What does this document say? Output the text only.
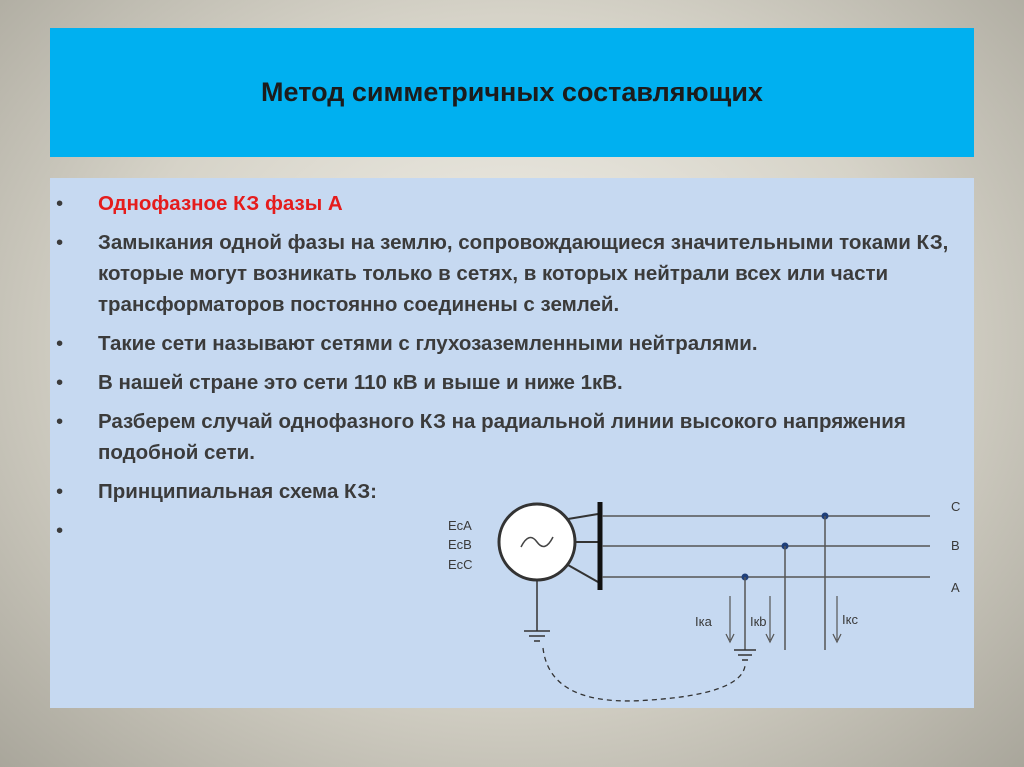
Метод симметричных составляющих
• Однофазное КЗ фазы А
• Замыкания одной фазы на землю, сопровождающиеся значительными токами КЗ, которые могут возникать только в сетях, в которых нейтрали всех или части трансформаторов постоянно соединены с землей.
• Такие сети называют сетями с глухозаземленными нейтралями.
• В нашей стране это сети 110 кВ и выше и ниже 1кВ.
• Разберем случай однофазного КЗ на радиальной линии высокого напряжения подобной сети.
• Принципиальная схема КЗ:
•	EcA
EcB
EcC
C
B
A
Iка	Iкb	Iкс
